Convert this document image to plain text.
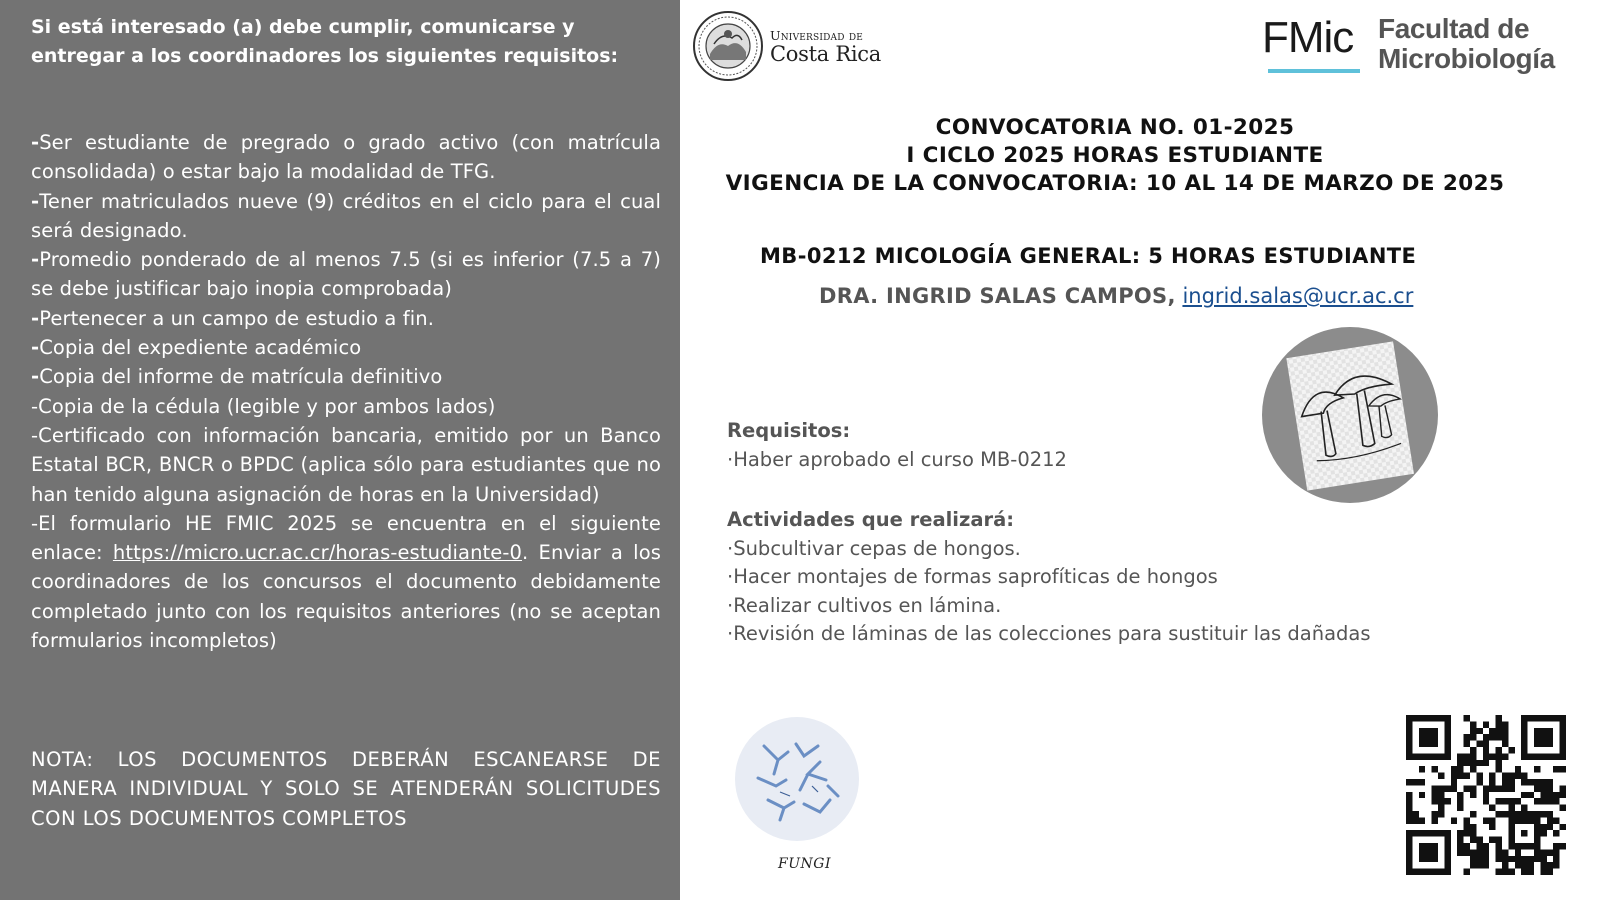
Si está interesado (a) debe cumplir, comunicarse y entregar a los coordinadores los siguientes requisitos:
-Ser estudiante de pregrado o grado activo (con matrícula consolidada) o estar bajo la modalidad de TFG.
-Tener matriculados nueve (9) créditos en el ciclo para el cual será designado.
-Promedio ponderado de al menos 7.5 (si es inferior (7.5 a 7) se debe justificar bajo inopia comprobada)
-Pertenecer a un campo de estudio a fin.
-Copia del expediente académico
-Copia del informe de matrícula definitivo
-Copia de la cédula (legible y por ambos lados)
-Certificado con información bancaria, emitido por un Banco Estatal BCR, BNCR o BPDC (aplica sólo para estudiantes que no han tenido alguna asignación de horas en la Universidad)
-El formulario HE FMIC 2025 se encuentra en el siguiente enlace: https://micro.ucr.ac.cr/horas-estudiante-0. Enviar a los coordinadores de los concursos el documento debidamente completado junto con los requisitos anteriores (no se aceptan formularios incompletos)
NOTA: LOS DOCUMENTOS DEBERÁN ESCANEARSE DE MANERA INDIVIDUAL Y SOLO SE ATENDERÁN SOLICITUDES CON LOS DOCUMENTOS COMPLETOS
Universidad de
Costa Rica	FMic Facultad de
Microbiología
CONVOCATORIA NO. 01-2025
I CICLO 2025 HORAS ESTUDIANTE
VIGENCIA DE LA CONVOCATORIA: 10 AL 14 DE MARZO DE 2025
MB-0212 MICOLOGÍA GENERAL: 5 HORAS ESTUDIANTE
DRA. INGRID SALAS CAMPOS, ingrid.salas@ucr.ac.cr
Requisitos:
·Haber aprobado el curso MB-0212
Actividades que realizará:
·Subcultivar cepas de hongos.
·Hacer montajes de formas saprofíticas de hongos
·Realizar cultivos en lámina.
·Revisión de láminas de las colecciones para sustituir las dañadas
FUNGI
